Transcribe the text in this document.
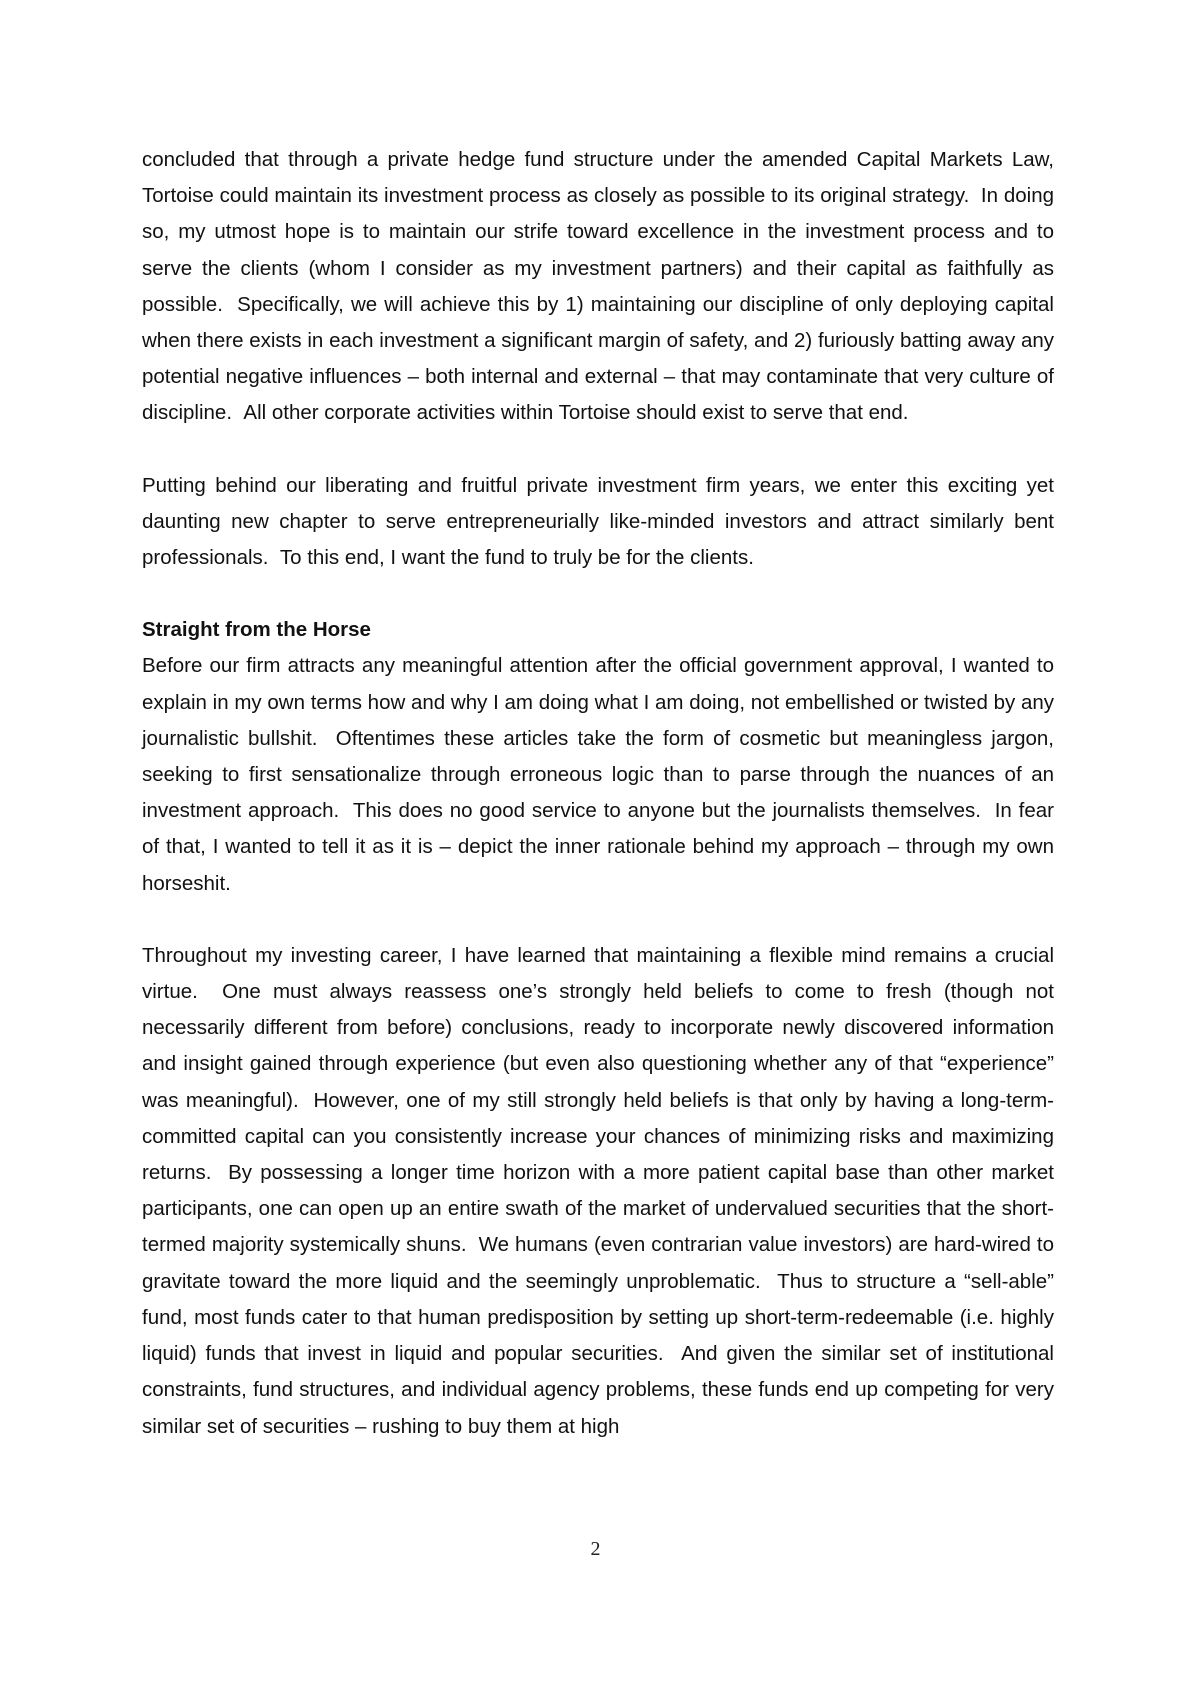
concluded that through a private hedge fund structure under the amended Capital Markets Law, Tortoise could maintain its investment process as closely as possible to its original strategy.  In doing so, my utmost hope is to maintain our strife toward excellence in the investment process and to serve the clients (whom I consider as my investment partners) and their capital as faithfully as possible.  Specifically, we will achieve this by 1) maintaining our discipline of only deploying capital when there exists in each investment a significant margin of safety, and 2) furiously batting away any potential negative influences – both internal and external – that may contaminate that very culture of discipline.  All other corporate activities within Tortoise should exist to serve that end.

Putting behind our liberating and fruitful private investment firm years, we enter this exciting yet daunting new chapter to serve entrepreneurially like-minded investors and attract similarly bent professionals.  To this end, I want the fund to truly be for the clients.

Straight from the Horse

Before our firm attracts any meaningful attention after the official government approval, I wanted to explain in my own terms how and why I am doing what I am doing, not embellished or twisted by any journalistic bullshit.  Oftentimes these articles take the form of cosmetic but meaningless jargon, seeking to first sensationalize through erroneous logic than to parse through the nuances of an investment approach.  This does no good service to anyone but the journalists themselves.  In fear of that, I wanted to tell it as it is – depict the inner rationale behind my approach – through my own horseshit.

Throughout my investing career, I have learned that maintaining a flexible mind remains a crucial virtue.  One must always reassess one’s strongly held beliefs to come to fresh (though not necessarily different from before) conclusions, ready to incorporate newly discovered information and insight gained through experience (but even also questioning whether any of that “experience” was meaningful).  However, one of my still strongly held beliefs is that only by having a long-term-committed capital can you consistently increase your chances of minimizing risks and maximizing returns.  By possessing a longer time horizon with a more patient capital base than other market participants, one can open up an entire swath of the market of undervalued securities that the short-termed majority systemically shuns.  We humans (even contrarian value investors) are hard-wired to gravitate toward the more liquid and the seemingly unproblematic.  Thus to structure a “sell-able” fund, most funds cater to that human predisposition by setting up short-term-redeemable (i.e. highly liquid) funds that invest in liquid and popular securities.  And given the similar set of institutional constraints, fund structures, and individual agency problems, these funds end up competing for very similar set of securities – rushing to buy them at high

2
